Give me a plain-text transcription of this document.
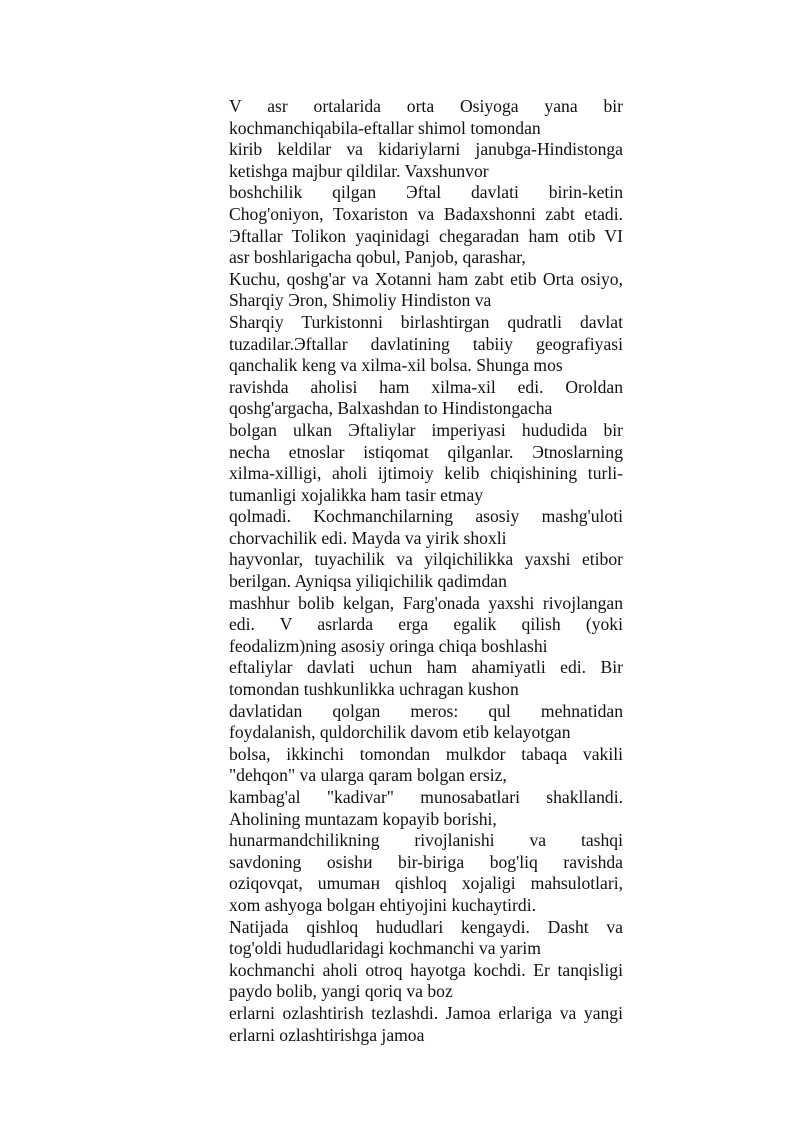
V asr ortalarida orta Osiyoga yana bir
kochmanchiqabila-eftallar shimol tomondan
kirib keldilar va kidariylarni janubga-Hindistonga
ketishga majbur qildilar. Vaxshunvor
boshchilik qilgan Эftal davlati birin-ketin
Chog'oniyon, Toxariston va Badaxshonni zabt etadi.
Эftallar Tolikon yaqinidagi chegaradan ham otib VI
asr boshlarigacha qobul, Panjob, qarashar,
Kuchu, qoshg'ar va Xotanni ham zabt etib Orta osiyo,
Sharqiy Эron, Shimoliy Hindiston va
Sharqiy Turkistonni birlashtirgan qudratli davlat
tuzadilar.Эftallar davlatining tabiiy geografiyasi
qanchalik keng va xilma-xil bolsa. Shunga mos
ravishda aholisi ham xilma-xil edi. Oroldan
qoshg'argacha, Balxashdan to Hindistongacha
bolgan ulkan Эftaliylar imperiyasi hududida bir
necha etnoslar istiqomat qilganlar. Эtnoslarning
xilma-xilligi, aholi ijtimoiy kelib chiqishining turli-
tumanligi xojalikka ham tasir etmay
qolmadi. Kochmanchilarning asosiy mashg'uloti
chorvachilik edi. Mayda va yirik shoxli
hayvonlar, tuyachilik va yilqichilikka yaxshi etibor
berilgan. Ayniqsa yiliqichilik qadimdan
mashhur bolib kelgan, Farg'onada yaxshi rivojlangan
edi. V asrlarda erga egalik qilish (yoki
feodalizm)ning asosiy oringa chiqa boshlashi
eftaliylar davlati uchun ham ahamiyatli edi. Bir
tomondan tushkunlikka uchragan kushon
davlatidan qolgan meros: qul mehnatidan
foydalanish, quldorchilik davom etib kelayotgan
bolsa, ikkinchi tomondan mulkdor tabaqa vakili
"dehqon" va ularga qaram bolgan ersiz,
kambag'al "kadivar" munosabatlari shakllandi.
Aholining muntazam kopayib borishi,
hunarmandchilikning rivojlanishi va tashqi
savdoning osishи bir-biriga bog'liq ravishda
oziqovqat, umumaн qishloq xojaligi mahsulotlari,
xom ashyoga bolgaн ehtiyojini kuchaytirdi.
Natijada qishloq hududlari kengaydi. Dasht va
tog'oldi hududlaridagi kochmanchi va yarim
kochmanchi aholi otroq hayotga kochdi. Er tanqisligi
paydo bolib, yangi qoriq va boz
erlarni ozlashtirish tezlashdi. Jamoa erlariga va yangi
erlarni ozlashtirishga jamoa
